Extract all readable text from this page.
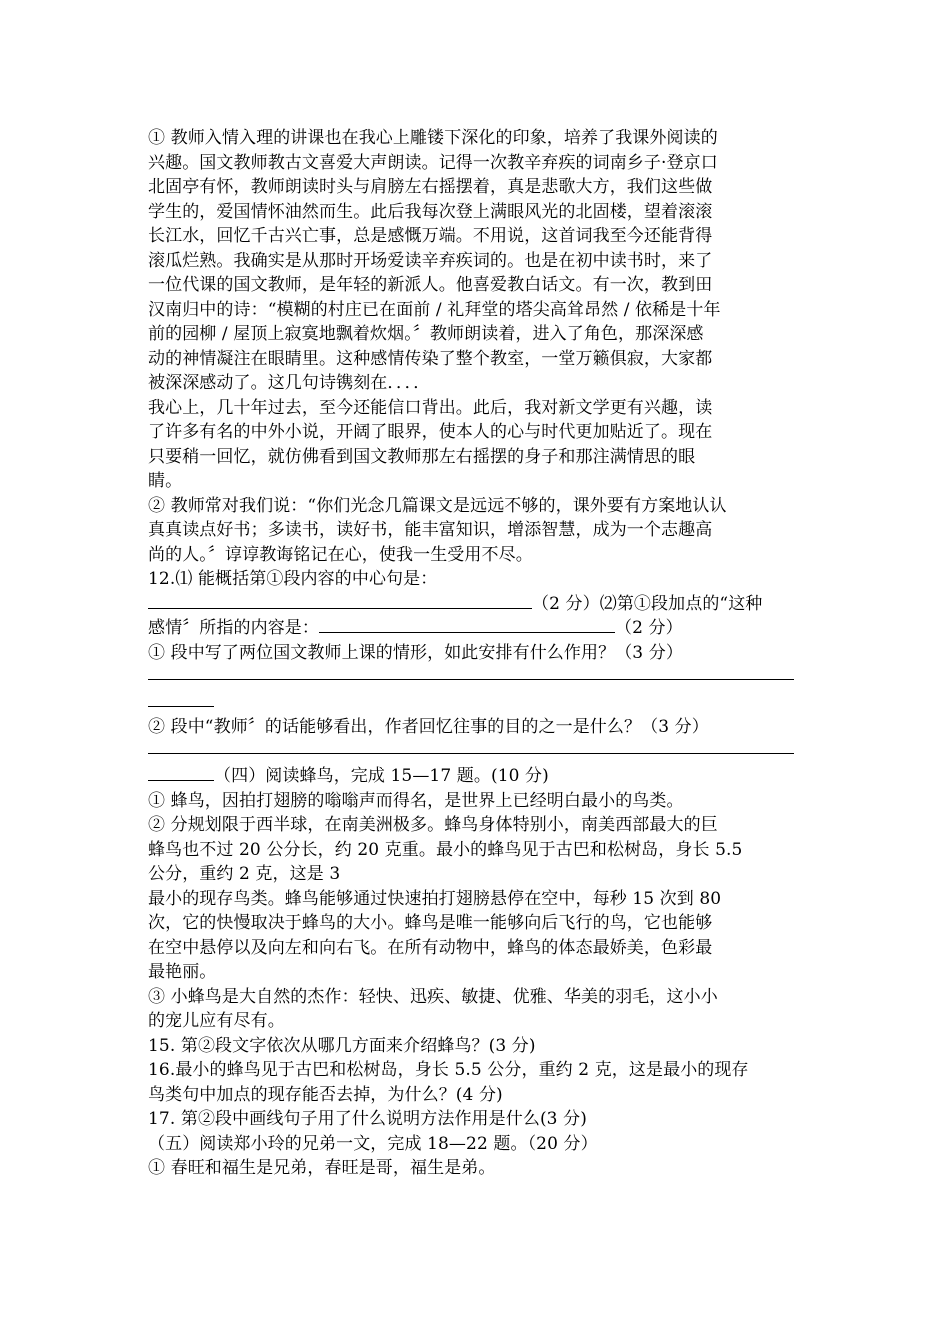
① 教师入情入理的讲课也在我心上雕镂下深化的印象，培养了我课外阅读的
兴趣。国文教师教古文喜爱大声朗读。记得一次教辛弃疾的词南乡子·登京口
北固亭有怀，教师朗读时头与肩膀左右摇摆着，真是悲歌大方，我们这些做
学生的，爱国情怀油然而生。此后我每次登上满眼风光的北固楼，望着滚滚
长江水，回忆千古兴亡事，总是感慨万端。不用说，这首词我至今还能背得
滚瓜烂熟。我确实是从那时开场爱读辛弃疾词的。也是在初中读书时，来了
一位代课的国文教师，是年轻的新派人。他喜爱教白话文。有一次，教到田
汉南归中的诗：“模糊的村庄已在面前 / 礼拜堂的塔尖高耸昂然 / 依稀是十年
前的园柳 / 屋顶上寂寞地飘着炊烟。〞教师朗读着，进入了角色，那深深感
动的神情凝注在眼睛里。这种感情传染了整个教室，一堂万籁俱寂，大家都
被深深感动了。这几句诗镌刻在．．．．
我心上，几十年过去，至今还能信口背出。此后，我对新文学更有兴趣，读
了许多有名的中外小说，开阔了眼界，使本人的心与时代更加贴近了。现在
只要稍一回忆，就仿佛看到国文教师那左右摇摆的身子和那注满情思的眼
睛。
② 教师常对我们说：“你们光念几篇课文是远远不够的，课外要有方案地认认
真真读点好书；多读书，读好书，能丰富知识，增添智慧，成为一个志趣高
尚的人。〞谆谆教诲铭记在心，使我一生受用不尽。
12.⑴ 能概括第①段内容的中心句是：
（2 分）⑵第①段加点的“这种
感情〞所指的内容是：	（2 分）
① 段中写了两位国文教师上课的情形，如此安排有什么作用？（3 分）
② 段中“教师〞的话能够看出，作者回忆往事的目的之一是什么？（3 分）
（四）阅读蜂鸟，完成 15—17 题。(10 分)
① 蜂鸟，因拍打翅膀的嗡嗡声而得名，是世界上已经明白最小的鸟类。
② 分规划限于西半球，在南美洲极多。蜂鸟身体特别小，南美西部最大的巨
蜂鸟也不过 20 公分长，约 20 克重。最小的蜂鸟见于古巴和松树岛，身长 5.5
公分，重约 2 克，这是 3
最小的现存鸟类。蜂鸟能够通过快速拍打翅膀悬停在空中，每秒 15 次到 80
次，它的快慢取决于蜂鸟的大小。蜂鸟是唯一能够向后飞行的鸟，它也能够
在空中悬停以及向左和向右飞。在所有动物中，蜂鸟的体态最娇美，色彩最
最艳丽。
③ 小蜂鸟是大自然的杰作：轻快、迅疾、敏捷、优雅、华美的羽毛，这小小
的宠儿应有尽有。
15. 第②段文字依次从哪几方面来介绍蜂鸟？(3 分)
16.最小的蜂鸟见于古巴和松树岛，身长 5.5 公分，重约 2 克，这是最小的现存
鸟类句中加点的现存能否去掉，为什么？(4 分)
17. 第②段中画线句子用了什么说明方法作用是什么(3 分)
（五）阅读郑小玲的兄弟一文，完成 18—22 题。（20 分）
① 春旺和福生是兄弟，春旺是哥，福生是弟。
